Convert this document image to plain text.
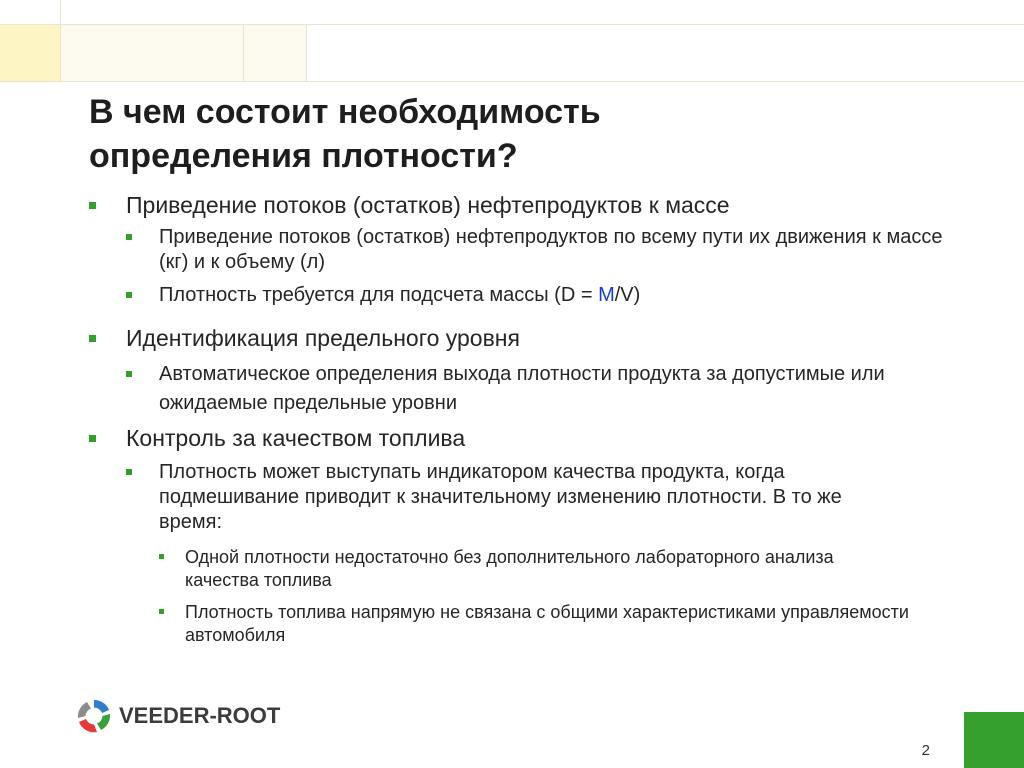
В чем состоит необходимость
определения плотности?
Приведение потоков (остатков) нефтепродуктов к массе
Приведение потоков (остатков) нефтепродуктов по всему пути их движения к массе (кг) и к объему (л)
Плотность требуется для подсчета массы (D = M/V)
Идентификация предельного уровня
Автоматическое определения выхода плотности продукта за допустимые или ожидаемые предельные уровни
Контроль за качеством топлива
Плотность может выступать индикатором качества продукта, когда подмешивание приводит к значительному изменению плотности. В то же время:
Одной плотности недостаточно без дополнительного лабораторного анализа качества топлива
Плотность топлива напрямую не связана с общими характеристиками управляемости автомобиля
VEEDER-ROOT
2
